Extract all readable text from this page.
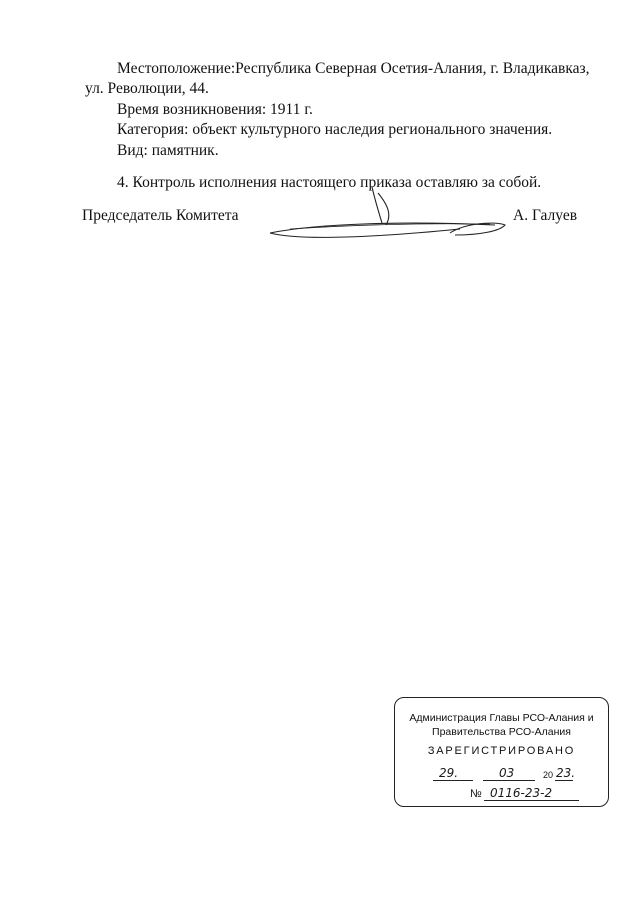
Местоположение: Республика Северная Осетия-Алания, г. Владикавказ,

ул. Революции, 44.

Время возникновения: 1911 г.

Категория: объект культурного наследия регионального значения.

Вид: памятник.

4. Контроль исполнения настоящего приказа оставляю за собой.

Председатель Комитета	А. Галуев

Администрация Главы РСО-Алания и
Правительства РСО-Алания
ЗАРЕГИСТРИРОВАНО
29.	03	20 23.
№ 0116-23-2
